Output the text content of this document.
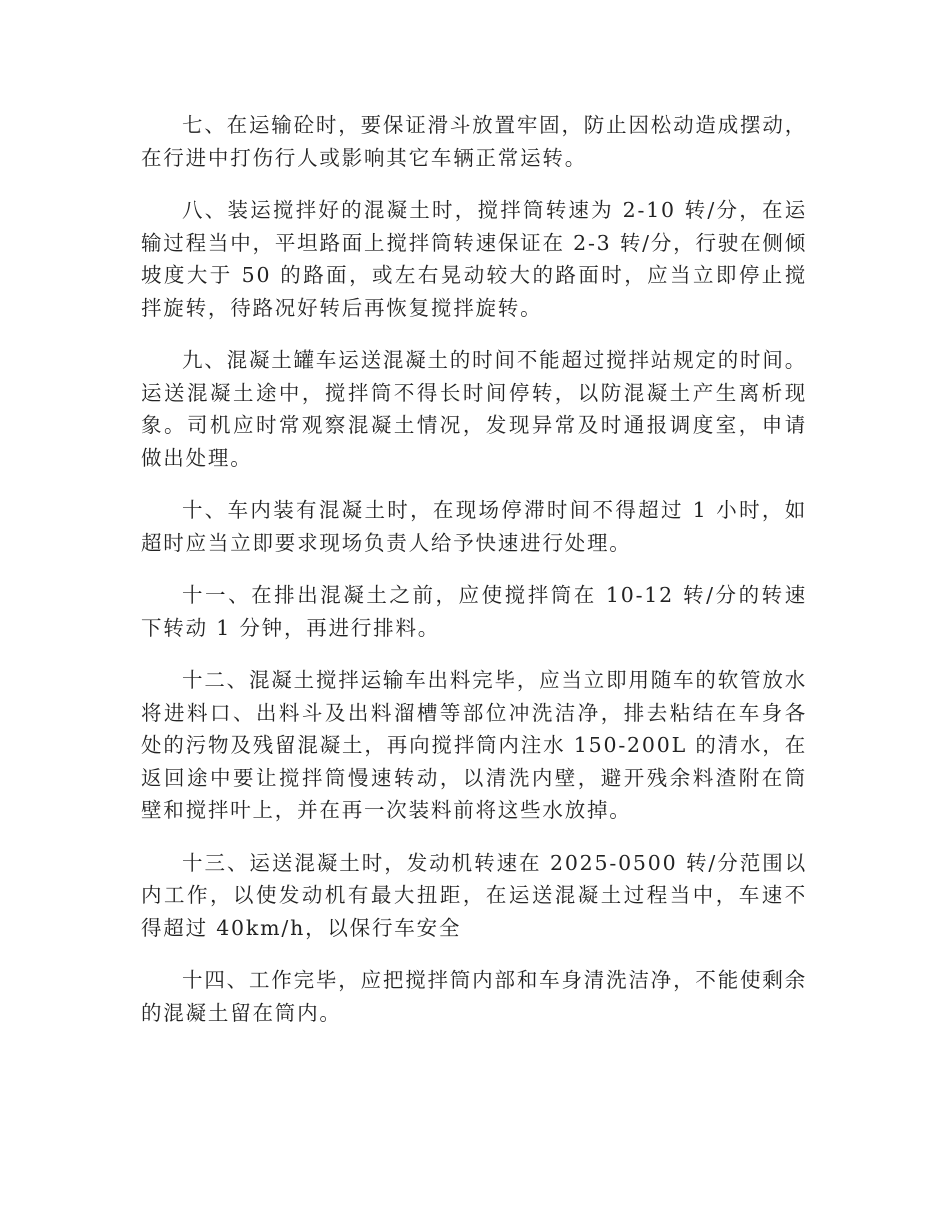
七、在运输砼时，要保证滑斗放置牢固，防止因松动造成摆动，在行进中打伤行人或影响其它车辆正常运转。

八、装运搅拌好的混凝土时，搅拌筒转速为 2-10 转/分，在运输过程当中，平坦路面上搅拌筒转速保证在 2-3 转/分，行驶在侧倾坡度大于 50 的路面，或左右晃动较大的路面时，应当立即停止搅拌旋转，待路况好转后再恢复搅拌旋转。

九、混凝土罐车运送混凝土的时间不能超过搅拌站规定的时间。运送混凝土途中，搅拌筒不得长时间停转，以防混凝土产生离析现象。司机应时常观察混凝土情况，发现异常及时通报调度室，申请做出处理。

十、车内装有混凝土时，在现场停滞时间不得超过 1 小时，如超时应当立即要求现场负责人给予快速进行处理。

十一、在排出混凝土之前，应使搅拌筒在 10-12 转/分的转速下转动 1 分钟，再进行排料。

十二、混凝土搅拌运输车出料完毕，应当立即用随车的软管放水将进料口、出料斗及出料溜槽等部位冲洗洁净，排去粘结在车身各处的污物及残留混凝土，再向搅拌筒内注水 150-200L 的清水，在返回途中要让搅拌筒慢速转动，以清洗内壁，避开残余料渣附在筒壁和搅拌叶上，并在再一次装料前将这些水放掉。

十三、运送混凝土时，发动机转速在 2025-0500 转/分范围以内工作，以使发动机有最大扭距，在运送混凝土过程当中，车速不得超过 40km/h，以保行车安全

十四、工作完毕，应把搅拌筒内部和车身清洗洁净，不能使剩余的混凝土留在筒内。
